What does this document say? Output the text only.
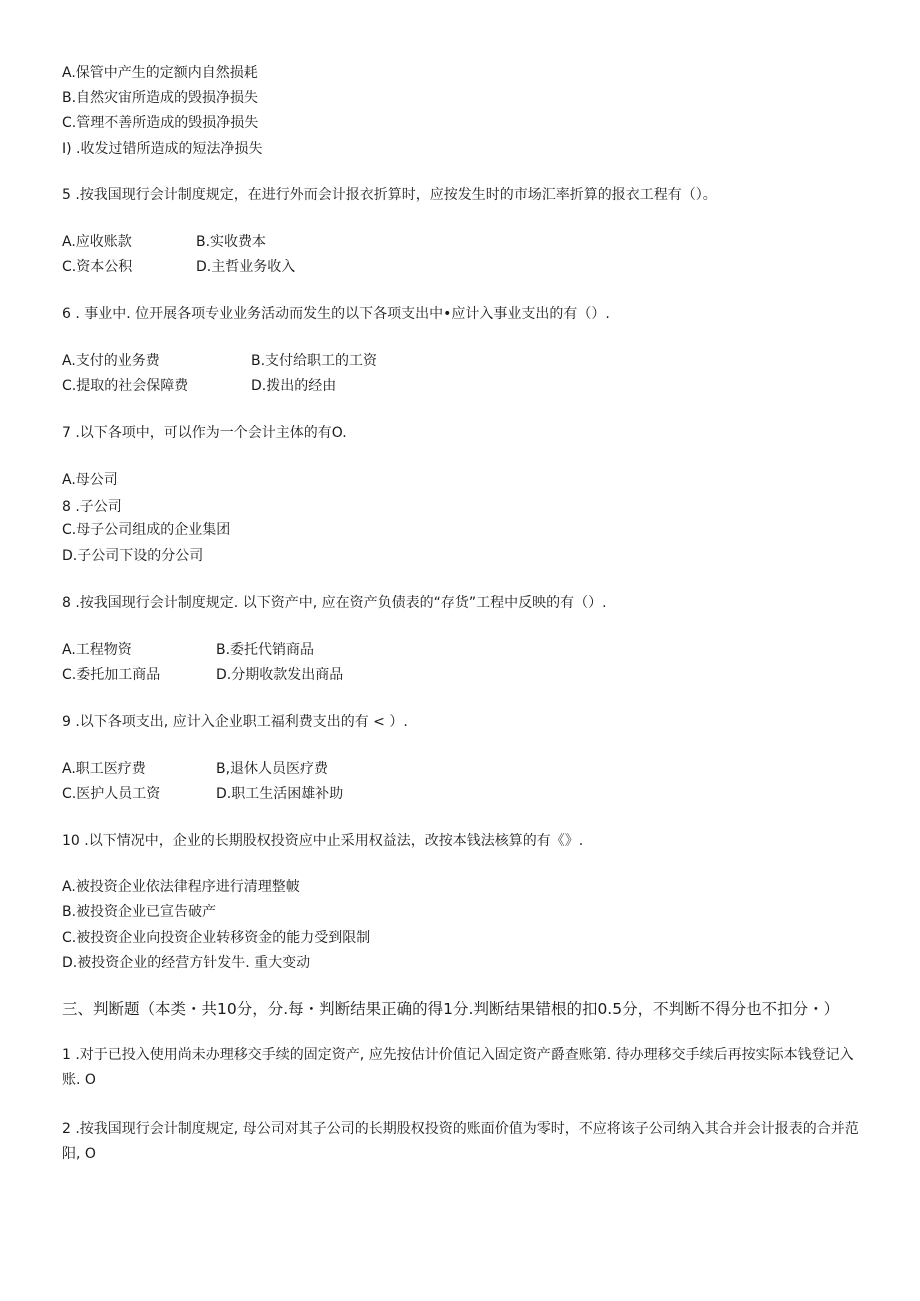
A.保管中产生的定额内自然损耗
B.自然灾宙所造成的毁损净损失
C.管理不善所造成的毁损净损失
I) .收发过错所造成的短法净损失
5 .按我国现行会计制度规定，在进行外而会计报衣折算时，应按发生时的市场汇率折算的报衣工程有（）。
A.应收账款	B.实收费本
C.资本公积	D.主哲业务收入
6 . 事业中. 位开展各项专业业务活动而发生的以下各项支出中•应计入事业支出的有（）.
A.支付的业务费	B.支付给职工的工资
C.提取的社会保障费	D.拨出的经由
7 .以下各项中，可以作为一个会计主体的有O.
A.母公司
8 .子公司
C.母子公司组成的企业集团
D.子公司下设的分公司
8 .按我国现行会计制度规定. 以下资产中, 应在资产负债表的“存货”工程中反映的有（）.
A.工程物资	B.委托代销商品
C.委托加工商品	D.分期收款发出商品
9 .以下各项支出, 应计入企业职工福利费支出的有 < ）.
A.职工医疗费	B,退休人员医疗费
C.医护人员工资	D.职工生活困雄补助
10 .以下情况中，企业的长期股权投资应中止采用权益法，改按本钱法核算的有《》.
A.被投资企业依法律程序进行清理整帔
B.被投资企业已宣告破产
C.被投资企业向投资企业转移资金的能力受到限制
D.被投资企业的经营方针发牛. 重大变动
三、判断题（本类・共10分，分.每・判断结果正确的得1分.判断结果错根的扣0.5分，不判断不得分也不扣分・）
1 .对于已投入使用尚未办理移交手续的固定资产, 应先按估计价值记入固定资产爵查账第. 待办理移交手续后再按实际本钱登记入账. O
2 .按我国现行会计制度规定, 母公司对其子公司的长期股权投资的账面价值为零时，不应将该子公司纳入其合并会计报表的合并范阳, O
